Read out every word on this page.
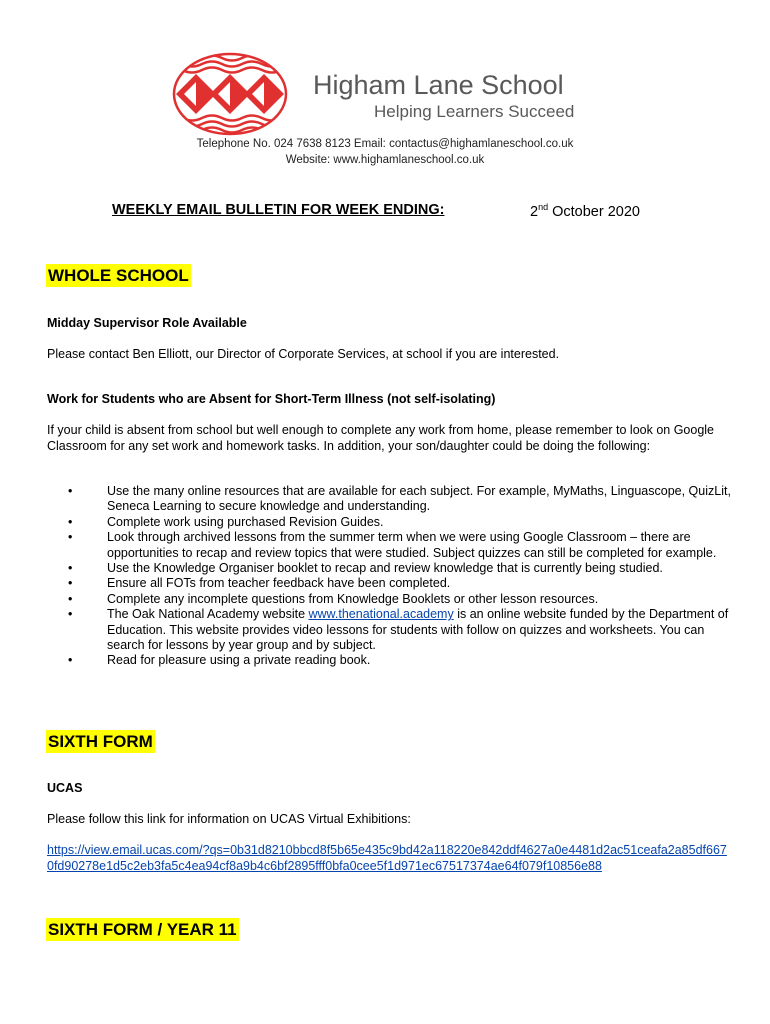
Higham Lane School
Helping Learners Succeed
Telephone No. 024 7638 8123 Email: contactus@highamlaneschool.co.uk
Website: www.highamlaneschool.co.uk
WEEKLY EMAIL BULLETIN FOR WEEK ENDING:	2nd October 2020
WHOLE SCHOOL
Midday Supervisor Role Available
Please contact Ben Elliott, our Director of Corporate Services, at school if you are interested.
Work for Students who are Absent for Short-Term Illness (not self-isolating)
If your child is absent from school but well enough to complete any work from home, please remember to look on Google Classroom for any set work and homework tasks. In addition, your son/daughter could be doing the following:
•	Use the many online resources that are available for each subject. For example, MyMaths, Linguascope, QuizLit, Seneca Learning to secure knowledge and understanding.
•	Complete work using purchased Revision Guides.
•	Look through archived lessons from the summer term when we were using Google Classroom – there are opportunities to recap and review topics that were studied. Subject quizzes can still be completed for example.
•	Use the Knowledge Organiser booklet to recap and review knowledge that is currently being studied.
•	Ensure all FOTs from teacher feedback have been completed.
•	Complete any incomplete questions from Knowledge Booklets or other lesson resources.
•	The Oak National Academy website www.thenational.academy is an online website funded by the Department of Education. This website provides video lessons for students with follow on quizzes and worksheets. You can search for lessons by year group and by subject.
•	Read for pleasure using a private reading book.
SIXTH FORM
UCAS
Please follow this link for information on UCAS Virtual Exhibitions:
https://view.email.ucas.com/?qs=0b31d8210bbcd8f5b65e435c9bd42a118220e842ddf4627a0e4481d2ac51ceafa2a85df6670fd90278e1d5c2eb3fa5c4ea94cf8a9b4c6bf2895fff0bfa0cee5f1d971ec67517374ae64f079f10856e88
SIXTH FORM / YEAR 11
